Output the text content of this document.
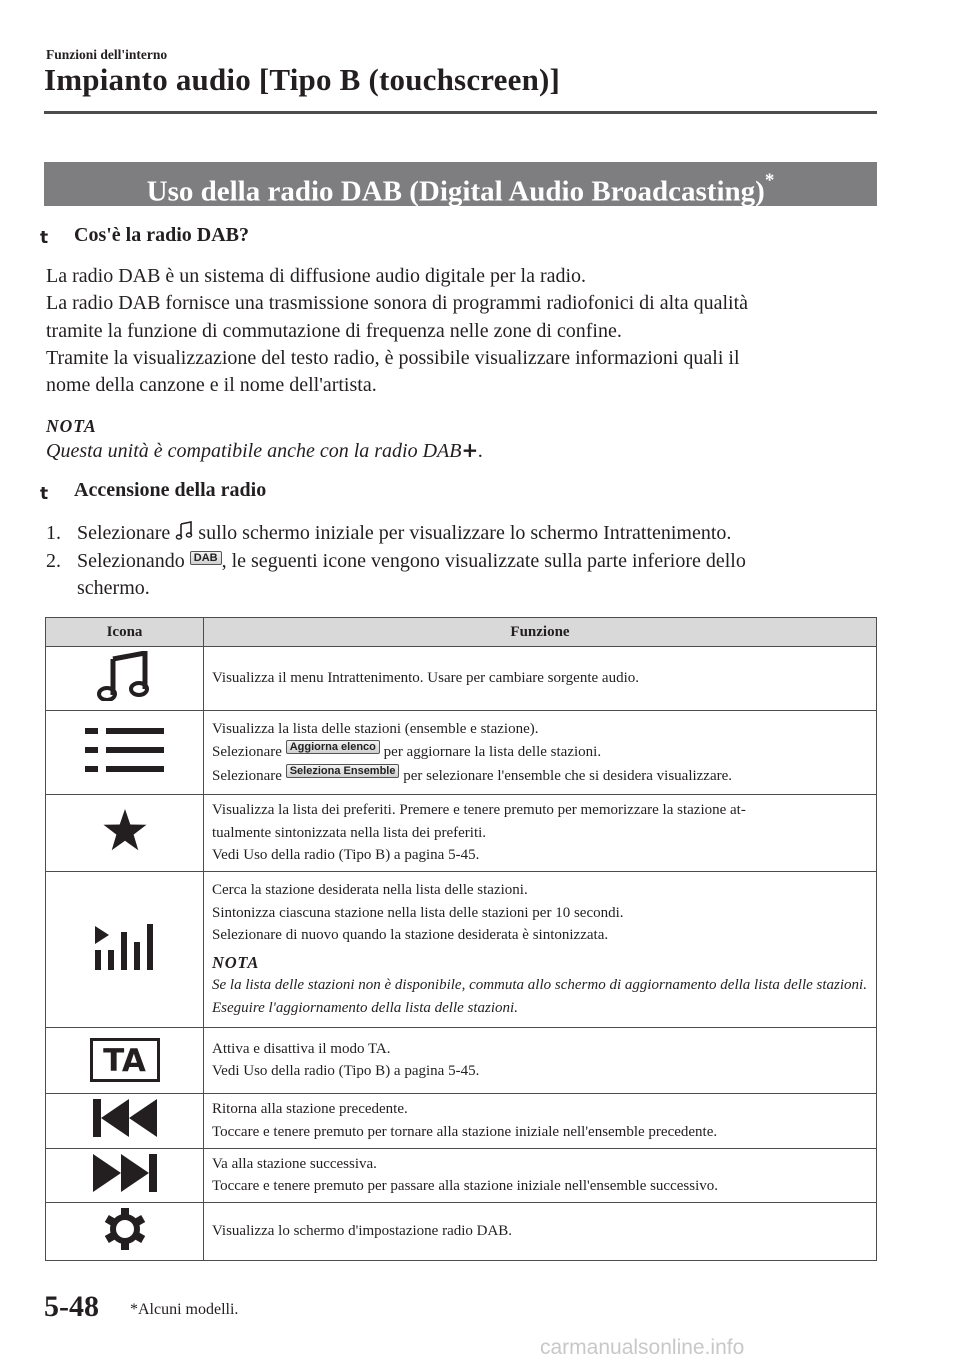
Funzioni dell'interno
Impianto audio [Tipo B (touchscreen)]
Uso della radio DAB (Digital Audio Broadcasting)*
t	Cos'è la radio DAB?
La radio DAB è un sistema di diffusione audio digitale per la radio.
La radio DAB fornisce una trasmissione sonora di programmi radiofonici di alta qualità
tramite la funzione di commutazione di frequenza nelle zone di confine.
Tramite la visualizzazione del testo radio, è possibile visualizzare informazioni quali il
nome della canzone e il nome dell'artista.
NOTA
Questa unità è compatibile anche con la radio DAB+.
t	Accensione della radio
1. Selezionare  sullo schermo iniziale per visualizzare lo schermo Intrattenimento.
2. Selezionando DAB , le seguenti icone vengono visualizzate sulla parte inferiore dello
schermo.
Icona	Funzione

Visualizza il menu Intrattenimento. Usare per cambiare sorgente audio.

Visualizza la lista delle stazioni (ensemble e stazione).
Selezionare Aggiorna elenco per aggiornare la lista delle stazioni.
Selezionare Seleziona Ensemble per selezionare l'ensemble che si desidera visualizzare.

Visualizza la lista dei preferiti. Premere e tenere premuto per memorizzare la stazione at-
tualmente sintonizzata nella lista dei preferiti.
Vedi Uso della radio (Tipo B) a pagina 5-45.

Cerca la stazione desiderata nella lista delle stazioni.
Sintonizza ciascuna stazione nella lista delle stazioni per 10 secondi.
Selezionare di nuovo quando la stazione desiderata è sintonizzata.
NOTA
Se la lista delle stazioni non è disponibile, commuta allo schermo di aggiornamento della lista delle stazioni. Eseguire l'aggiornamento della lista delle stazioni.

TA	Attiva e disattiva il modo TA.
Vedi Uso della radio (Tipo B) a pagina 5-45.

Ritorna alla stazione precedente.
Toccare e tenere premuto per tornare alla stazione iniziale nell'ensemble precedente.

Va alla stazione successiva.
Toccare e tenere premuto per passare alla stazione iniziale nell'ensemble successivo.

Visualizza lo schermo d'impostazione radio DAB.
5-48 *Alcuni modelli.
carmanualsonline.info
